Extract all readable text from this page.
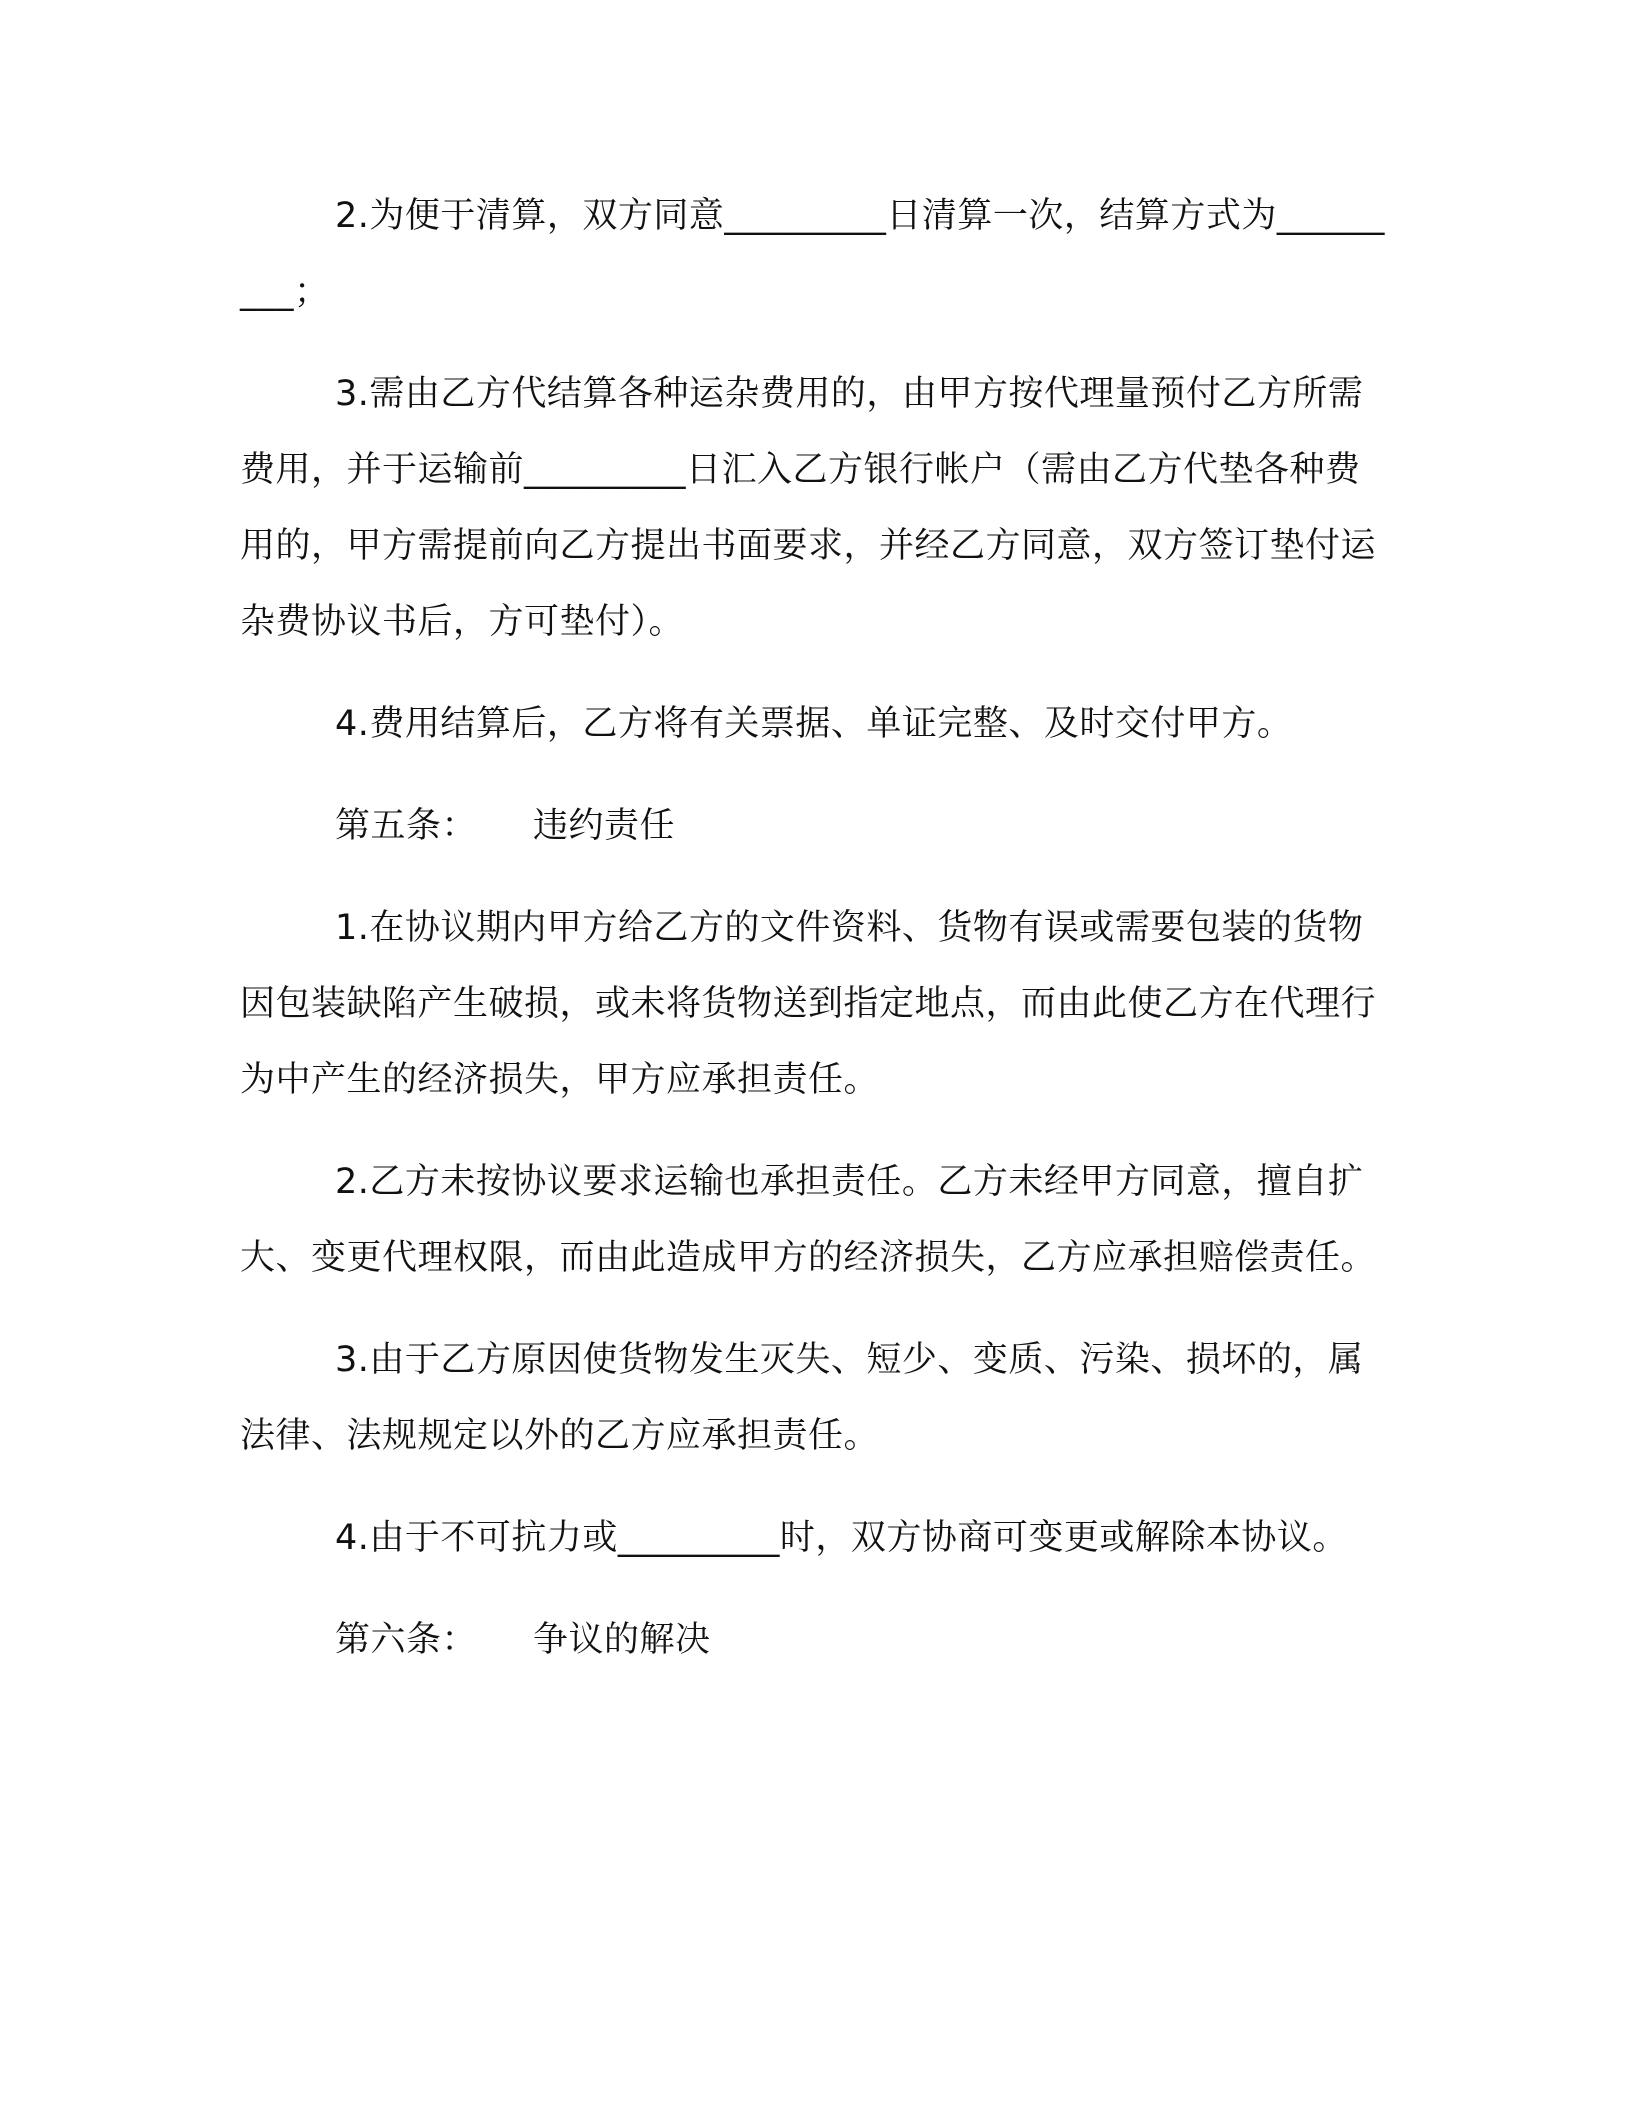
2.为便于清算，双方同意_________日清算一次，结算方式为_________；

3.需由乙方代结算各种运杂费用的，由甲方按代理量预付乙方所需费用，并于运输前_________日汇入乙方银行帐户（需由乙方代垫各种费用的，甲方需提前向乙方提出书面要求，并经乙方同意，双方签订垫付运杂费协议书后，方可垫付）。

4.费用结算后，乙方将有关票据、单证完整、及时交付甲方。

第五条： 违约责任

1.在协议期内甲方给乙方的文件资料、货物有误或需要包装的货物因包装缺陷产生破损，或未将货物送到指定地点，而由此使乙方在代理行为中产生的经济损失，甲方应承担责任。

2.乙方未按协议要求运输也承担责任。乙方未经甲方同意，擅自扩大、变更代理权限，而由此造成甲方的经济损失，乙方应承担赔偿责任。

3.由于乙方原因使货物发生灭失、短少、变质、污染、损坏的，属法律、法规规定以外的乙方应承担责任。

4.由于不可抗力或_________时，双方协商可变更或解除本协议。

第六条： 争议的解决
